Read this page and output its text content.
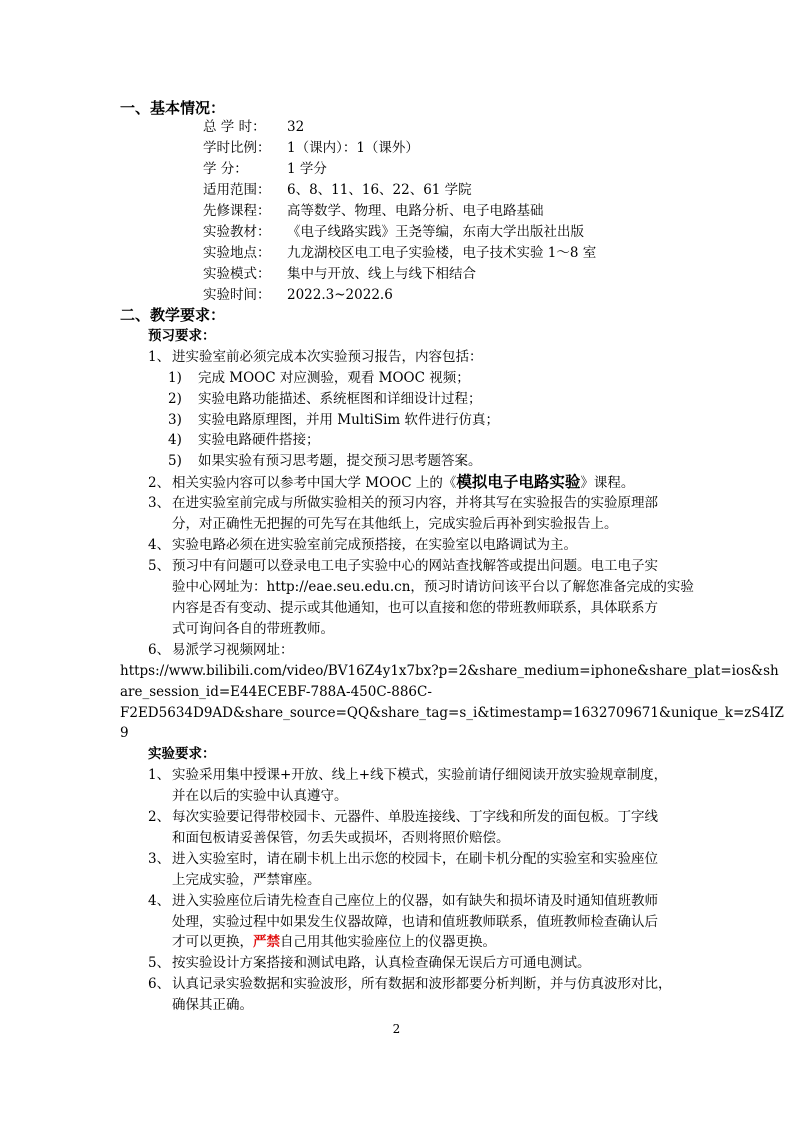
一、基本情况：
总 学 时： 32
学时比例： 1（课内）：1（课外）
学 分：	1 学分
适用范围： 6、8、11、16、22、61 学院
先修课程： 高等数学、物理、电路分析、电子电路基础
实验教材： 《电子线路实践》王尧等编，东南大学出版社出版
实验地点： 九龙湖校区电工电子实验楼，电子技术实验 1～8 室
实验模式： 集中与开放、线上与线下相结合
实验时间： 2022.3~2022.6
二、教学要求：
预习要求：
1、 进实验室前必须完成本次实验预习报告，内容包括：
1) 完成 MOOC 对应测验，观看 MOOC 视频；
2) 实验电路功能描述、系统框图和详细设计过程；
3) 实验电路原理图，并用 MultiSim 软件进行仿真；
4) 实验电路硬件搭接；
5) 如果实验有预习思考题，提交预习思考题答案。
2、 相关实验内容可以参考中国大学 MOOC 上的《模拟电子电路实验》课程。
3、 在进实验室前完成与所做实验相关的预习内容，并将其写在实验报告的实验原理部
分，对正确性无把握的可先写在其他纸上，完成实验后再补到实验报告上。
4、 实验电路必须在进实验室前完成预搭接，在实验室以电路调试为主。
5、 预习中有问题可以登录电工电子实验中心的网站查找解答或提出问题。电工电子实
验中心网址为：http://eae.seu.edu.cn，预习时请访问该平台以了解您准备完成的实验
内容是否有变动、提示或其他通知，也可以直接和您的带班教师联系，具体联系方
式可询问各自的带班教师。
6、 易派学习视频网址：
https://www.bilibili.com/video/BV16Z4y1x7bx?p=2&share_medium=iphone&share_plat=ios&sh
are_session_id=E44ECEBF-788A-450C-886C-
F2ED5634D9AD&share_source=QQ&share_tag=s_i&timestamp=1632709671&unique_k=zS4IZ
9
实验要求：
1、 实验采用集中授课+开放、线上+线下模式，实验前请仔细阅读开放实验规章制度，
并在以后的实验中认真遵守。
2、 每次实验要记得带校园卡、元器件、单股连接线、丁字线和所发的面包板。丁字线
和面包板请妥善保管，勿丢失或损坏，否则将照价赔偿。
3、 进入实验室时，请在刷卡机上出示您的校园卡，在刷卡机分配的实验室和实验座位
上完成实验，严禁窜座。
4、 进入实验座位后请先检查自己座位上的仪器，如有缺失和损坏请及时通知值班教师
处理，实验过程中如果发生仪器故障，也请和值班教师联系，值班教师检查确认后
才可以更换，严禁自己用其他实验座位上的仪器更换。
5、 按实验设计方案搭接和测试电路，认真检查确保无误后方可通电测试。
6、 认真记录实验数据和实验波形，所有数据和波形都要分析判断，并与仿真波形对比，
确保其正确。
2
